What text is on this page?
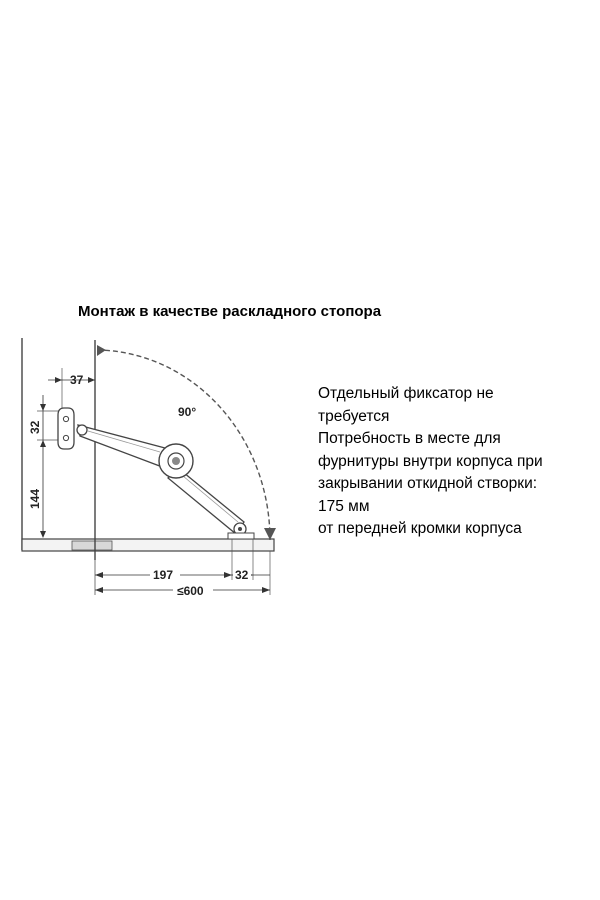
Монтаж в качестве раскладного стопора
Отдельный фиксатор не
требуется
Потребность в месте для
фурнитуры внутри корпуса при
закрывании откидной створки:
175 мм
от передней кромки корпуса
90°
37
32
144
197	32
≤600
